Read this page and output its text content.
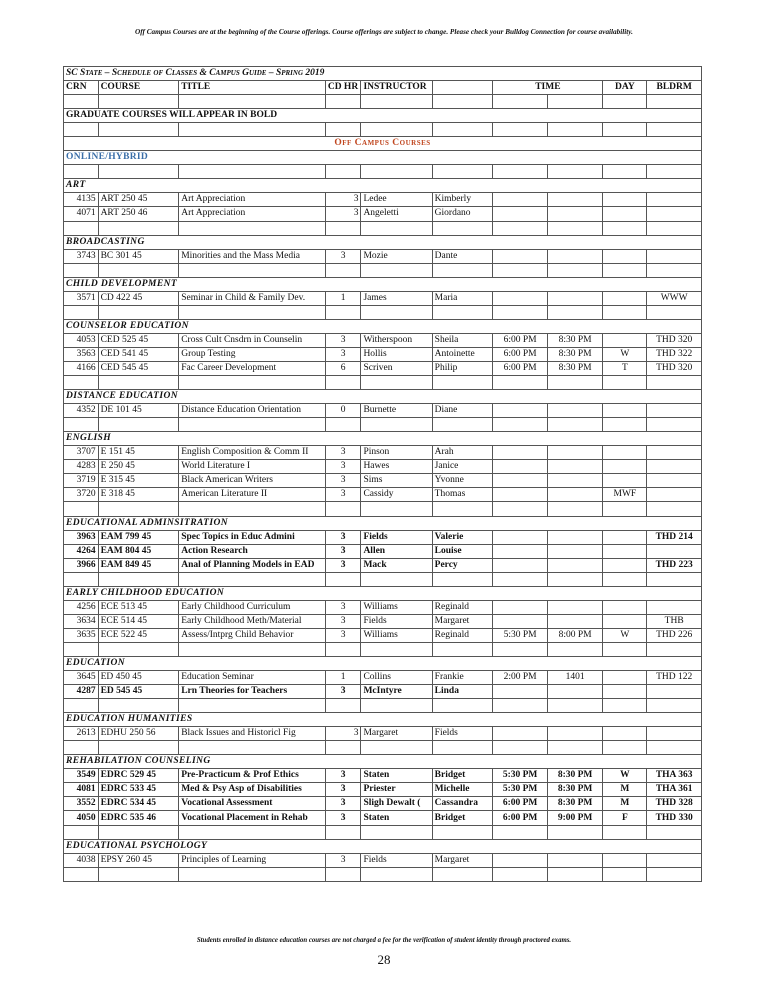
Off Campus Courses are at the beginning of the Course offerings. Course offerings are subject to change. Please check your Bulldog Connection for course availability.
SC State – Schedule of Classes & Campus Guide – Spring 2019									
CRN	COURSE	TITLE	CD HR	INSTRUCTOR		TIME		DAY	BLDRM

GRADUATE COURSES WILL APPEAR IN BOLD									

Off Campus Courses									
ONLINE/HYBRID									

ART									
4135	ART 250 45	Art Appreciation	3	Ledee	Kimberly				
4071	ART 250 46	Art Appreciation	3	Angeletti	Giordano				

BROADCASTING									
3743	BC 301 45	Minorities and the Mass Media	3	Mozie	Dante				

CHILD DEVELOPMENT									
3571	CD 422 45	Seminar in Child & Family Dev.	1	James	Maria				WWW

COUNSELOR EDUCATION									
4053	CED 525 45	Cross Cult Cnsdrn in Counselin	3	Witherspoon	Sheila	6:00 PM	8:30 PM		THD 320
3563	CED 541 45	Group Testing	3	Hollis	Antoinette	6:00 PM	8:30 PM	W	THD 322
4166	CED 545 45	Fac Career Development	6	Scriven	Philip	6:00 PM	8:30 PM	T	THD 320

DISTANCE EDUCATION									
4352	DE 101 45	Distance Education Orientation	0	Burnette	Diane				

ENGLISH									
3707	E 151 45	English Composition & Comm II	3	Pinson	Arah				
4283	E 250 45	World Literature I	3	Hawes	Janice				
3719	E 315 45	Black American Writers	3	Sims	Yvonne				
3720	E 318 45	American Literature II	3	Cassidy	Thomas			MWF	

EDUCATIONAL ADMINSITRATION									
3963	EAM 799 45	Spec Topics in Educ Admini	3	Fields	Valerie				THD 214
4264	EAM 804 45	Action Research	3	Allen	Louise				
3966	EAM 849 45	Anal of Planning Models in EAD	3	Mack	Percy				THD 223

EARLY CHILDHOOD EDUCATION									
4256	ECE 513 45	Early Childhood Curriculum	3	Williams	Reginald				
3634	ECE 514 45	Early Childhood Meth/Material	3	Fields	Margaret				THB
3635	ECE 522 45	Assess/Intprg Child Behavior	3	Williams	Reginald	5:30 PM	8:00 PM	W	THD 226

EDUCATION									
3645	ED 450 45	Education Seminar	1	Collins	Frankie	2:00 PM	1401		THD 122
4287	ED 545 45	Lrn Theories for Teachers	3	McIntyre	Linda				

EDUCATION HUMANITIES									
2613	EDHU 250 56	Black Issues and Historicl Fig	3	Margaret	Fields				

REHABILATION COUNSELING									
3549	EDRC 529 45	Pre-Practicum & Prof Ethics	3	Staten	Bridget	5:30 PM	8:30 PM	W	THA 363
4081	EDRC 533 45	Med & Psy Asp of Disabilities	3	Priester	Michelle	5:30 PM	8:30 PM	M	THA 361
3552	EDRC 534 45	Vocational Assessment	3	Sligh Dewalt (	Cassandra	6:00 PM	8:30 PM	M	THD 328
4050	EDRC 535 46	Vocational Placement in Rehab	3	Staten	Bridget	6:00 PM	9:00 PM	F	THD 330

EDUCATIONAL PSYCHOLOGY									
4038	EPSY 260 45	Principles of Learning	3	Fields	Margaret				

Students enrolled in distance education courses are not charged a fee for the verification of student identity through proctored exams.
28
